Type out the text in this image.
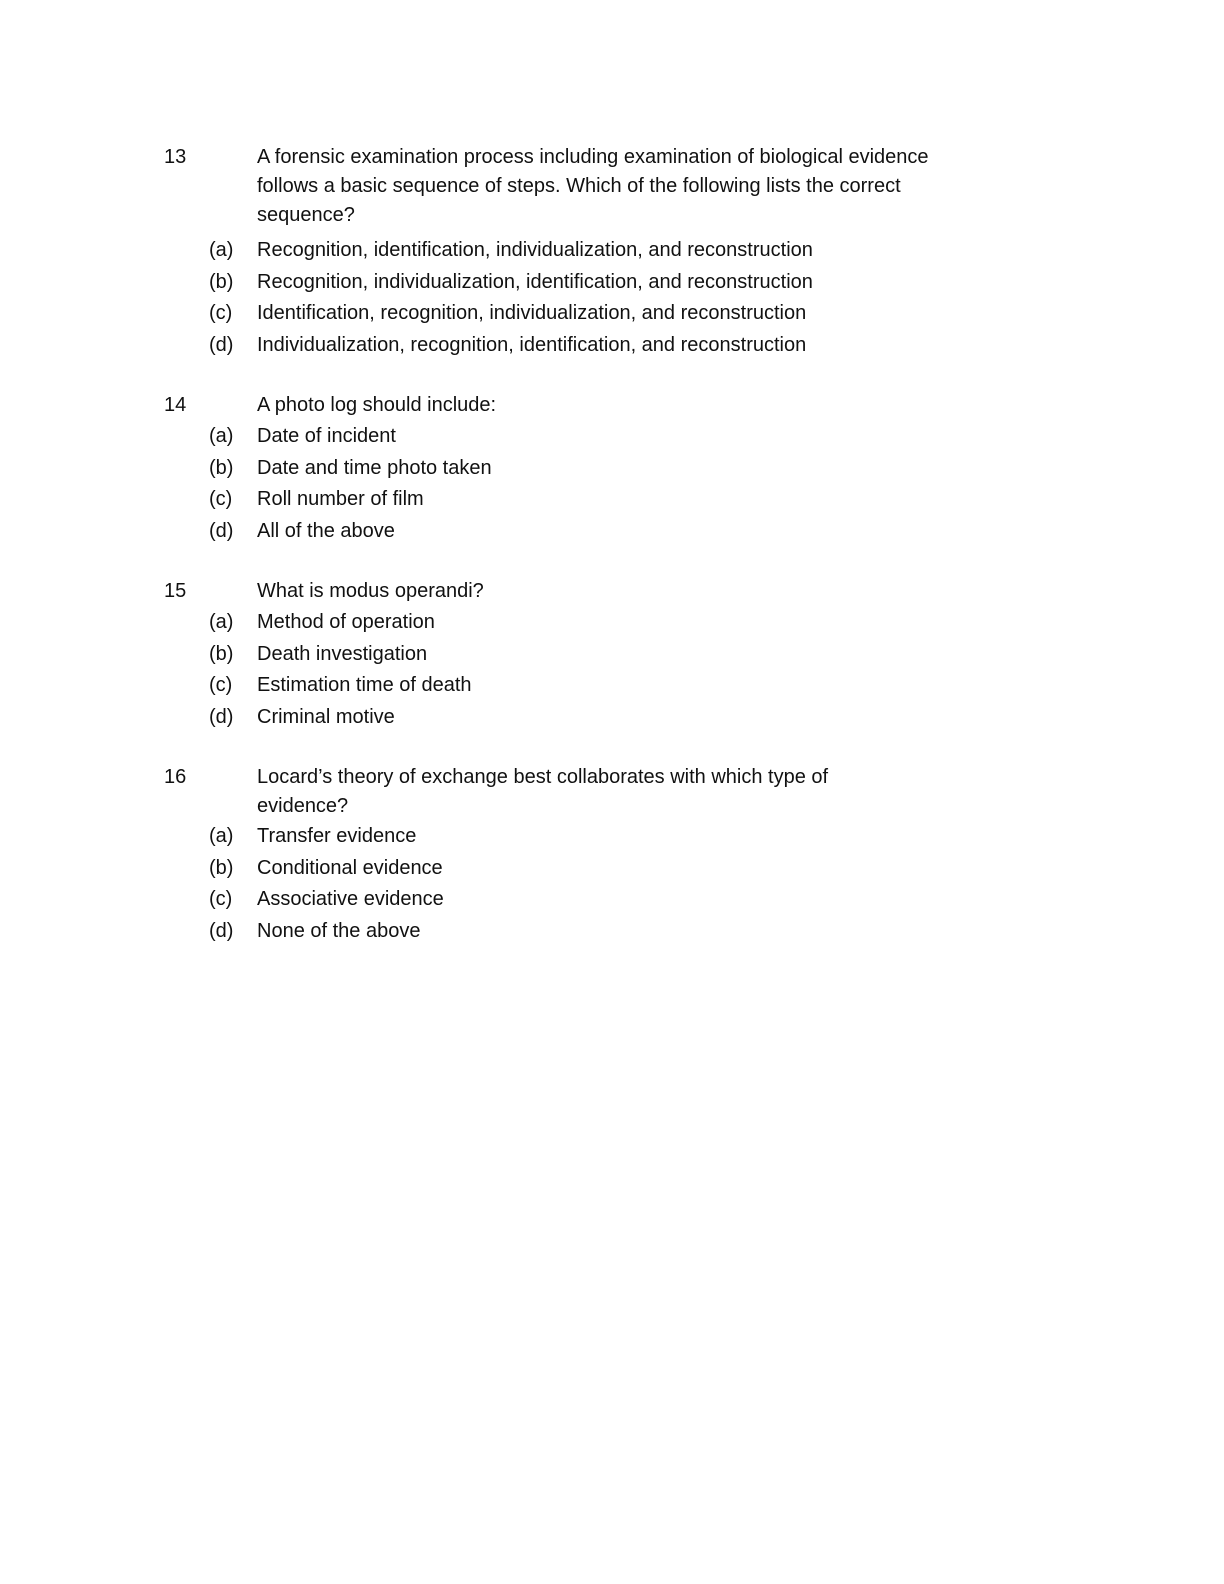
13	A forensic examination process including examination of biological evidence follows a basic sequence of steps. Which of the following lists the correct sequence?
(a)	Recognition, identification, individualization, and reconstruction
(b)	Recognition, individualization, identification, and reconstruction
(c)	Identification, recognition, individualization, and reconstruction
(d)	Individualization, recognition, identification, and reconstruction
14	A photo log should include:
(a)	Date of incident
(b)	Date and time photo taken
(c)	Roll number of film
(d)	All of the above
15	What is modus operandi?
(a)	Method of operation
(b)	Death investigation
(c)	Estimation time of death
(d)	Criminal motive
16	Locard’s theory of exchange best collaborates with which type of evidence?
(a)	Transfer evidence
(b)	Conditional evidence
(c)	Associative evidence
(d)	None of the above
